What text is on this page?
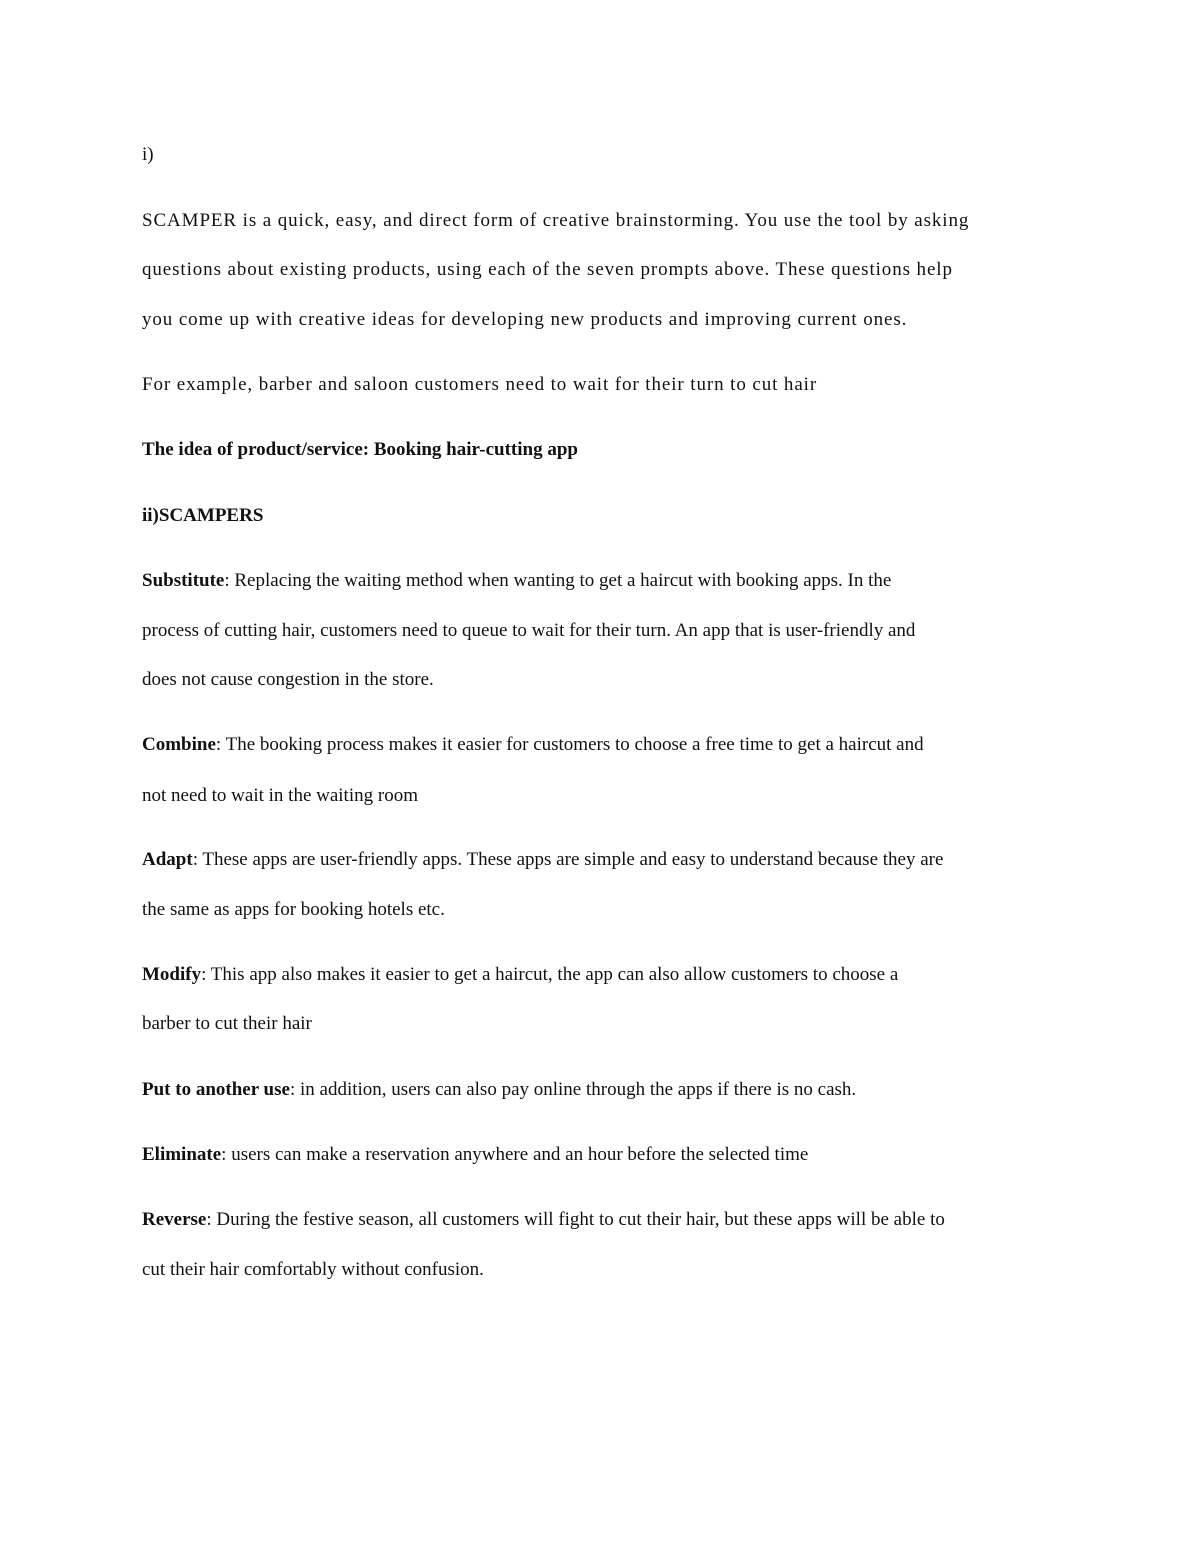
i)
SCAMPER is a quick, easy, and direct form of creative brainstorming. You use the tool by asking
questions about existing products, using each of the seven prompts above. These questions help
you come up with creative ideas for developing new products and improving current ones.
For example, barber and saloon customers need to wait for their turn to cut hair
The idea of product/service: Booking hair-cutting app
ii)SCAMPERS
Substitute: Replacing the waiting method when wanting to get a haircut with booking apps. In the
process of cutting hair, customers need to queue to wait for their turn. An app that is user-friendly and
does not cause congestion in the store.
Combine: The booking process makes it easier for customers to choose a free time to get a haircut and
not need to wait in the waiting room
Adapt: These apps are user-friendly apps. These apps are simple and easy to understand because they are
the same as apps for booking hotels etc.
Modify: This app also makes it easier to get a haircut, the app can also allow customers to choose a
barber to cut their hair
Put to another use: in addition, users can also pay online through the apps if there is no cash.
Eliminate: users can make a reservation anywhere and an hour before the selected time
Reverse: During the festive season, all customers will fight to cut their hair, but these apps will be able to
cut their hair comfortably without confusion.
